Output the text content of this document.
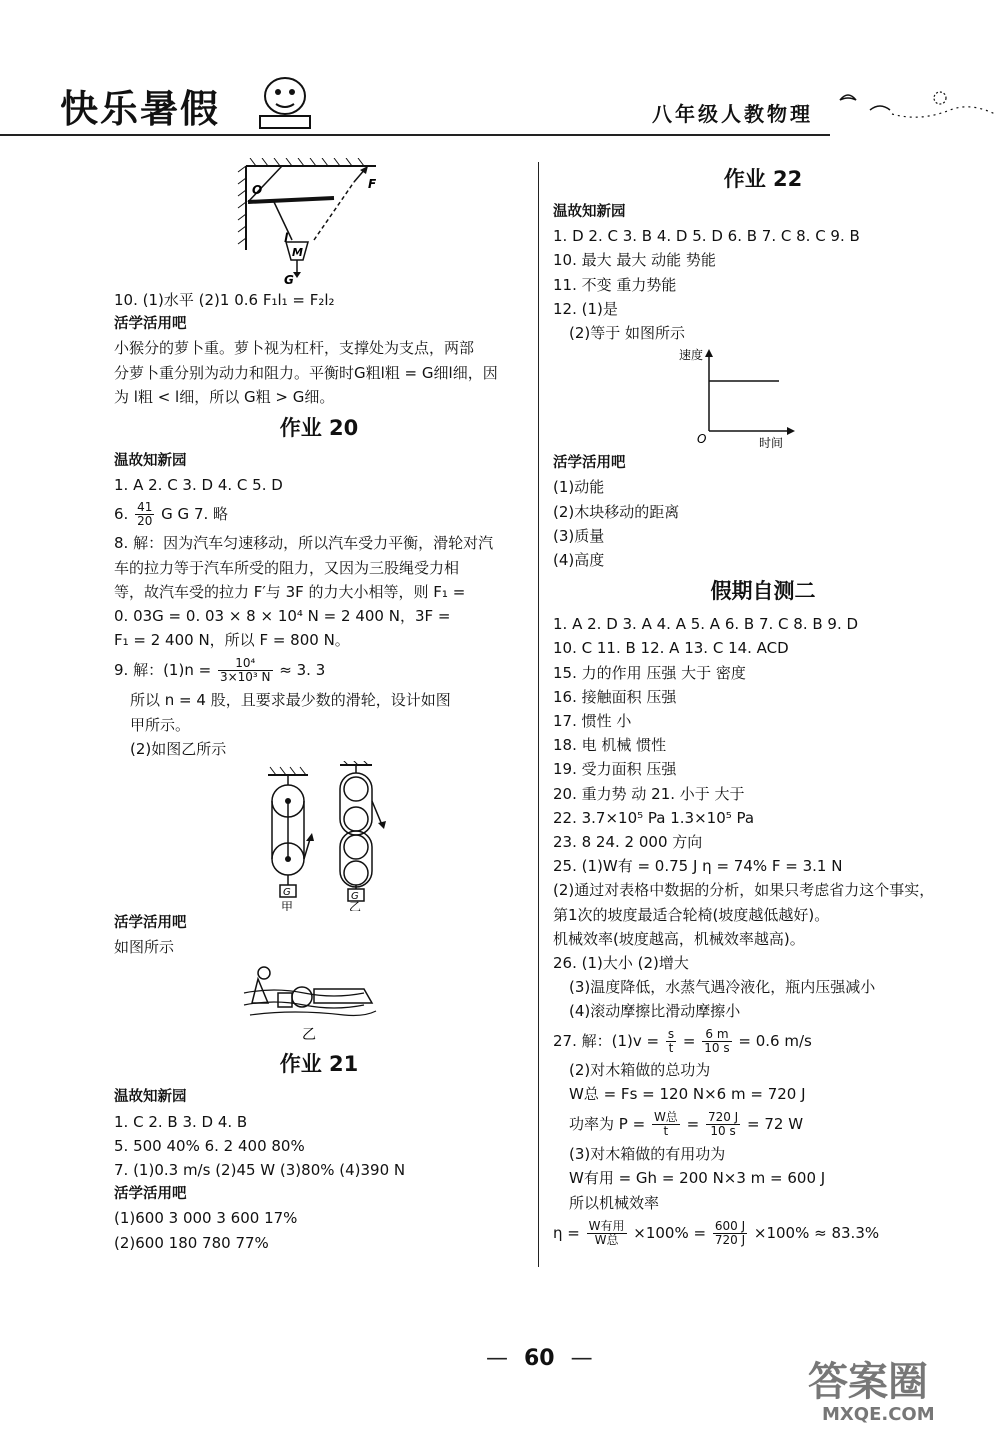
快乐暑假	八年级人教物理
O	F
l
M
G
10. (1)水平 (2)1 0.6 F₁l₁ = F₂l₂
活学活用吧
小猴分的萝卜重。萝卜视为杠杆，支撑处为支点，两部
分萝卜重分别为动力和阻力。平衡时G粗l粗 = G细l细，因
为 l粗 < l细，所以 G粗 > G细。
作业 20
温故知新园
1. A 2. C 3. D 4. C 5. D
6. $\frac{41}{20}$ G G 7. 略
8. 解：因为汽车匀速移动，所以汽车受力平衡，滑轮对汽
车的拉力等于汽车所受的阻力，又因为三股绳受力相
等，故汽车受的拉力 F′与 3F 的力大小相等，则 F₁ =
0. 03G = 0. 03 × 8 × 10⁴ N = 2 400 N，3F =
F₁ = 2 400 N，所以 F = 800 N。
9. 解：$(1)n = \frac{\text{10⁴}}{\text{3×10³ N}} \approx 3$. 3
所以 n = 4 股，且要求最少数的滑轮，设计如图
甲所示。
(2)如图乙所示
G
甲
G
乙
活学活用吧
如图所示
乙
作业 21
温故知新园
1. C 2. B 3. D 4. B
5. 500 40% 6. 2 400 80%
7. (1)0.3 m/s (2)45 W (3)80% (4)390 N
活学活用吧
(1)600 3 000 3 600 17%
(2)600 180 780 77%
作业 22
温故知新园
1. D 2. C 3. B 4. D 5. D 6. B 7. C 8. C 9. B
10. 最大 最大 动能 势能
11. 不变 重力势能
12. (1)是
(2)等于 如图所示
速度
时间
O
活学活用吧
(1)动能
(2)木块移动的距离
(3)质量
(4)高度
假期自测二
1. A 2. D 3. A 4. A 5. A 6. B 7. C 8. B 9. D
10. C 11. B 12. A 13. C 14. ACD
15. 力的作用 压强 大于 密度
16. 接触面积 压强
17. 惯性 小
18. 电 机械 惯性
19. 受力面积 压强
20. 重力势 动 21. 小于 大于
22. 3.7×10⁵ Pa 1.3×10⁵ Pa
23. 8 24. 2 000 方向
25. (1)W有 = 0.75 J η = 74% F = 3.1 N
(2)通过对表格中数据的分析，如果只考虑省力这个事实，
第1次的坡度最适合轮椅(坡度越低越好)。
机械效率(坡度越高，机械效率越高)。
26. (1)大小 (2)增大
(3)温度降低，水蒸气遇冷液化，瓶内压强减小
(4)滚动摩擦比滑动摩擦小
27. 解：$(1)v = \frac{s}{t} = \frac{6 m}{10 s} = 0.6$ m/s
(2)对木箱做的总功为
W总 = Fs = 120 N×6 m = 720 J
功率为 $P = \frac{\text{W总}}{t} = \frac{720 J}{10 s} = 72$ W
(3)对木箱做的有用功为
W有用 = Gh = 200 N×3 m = 600 J
所以机械效率
$\eta = \frac{\text{W有用}}{\text{W总}} \times 100\% = \frac{600 J}{720 J} \times 100\% \approx 83.3\%$
— 60 —	答案圈
MXQE.COM
